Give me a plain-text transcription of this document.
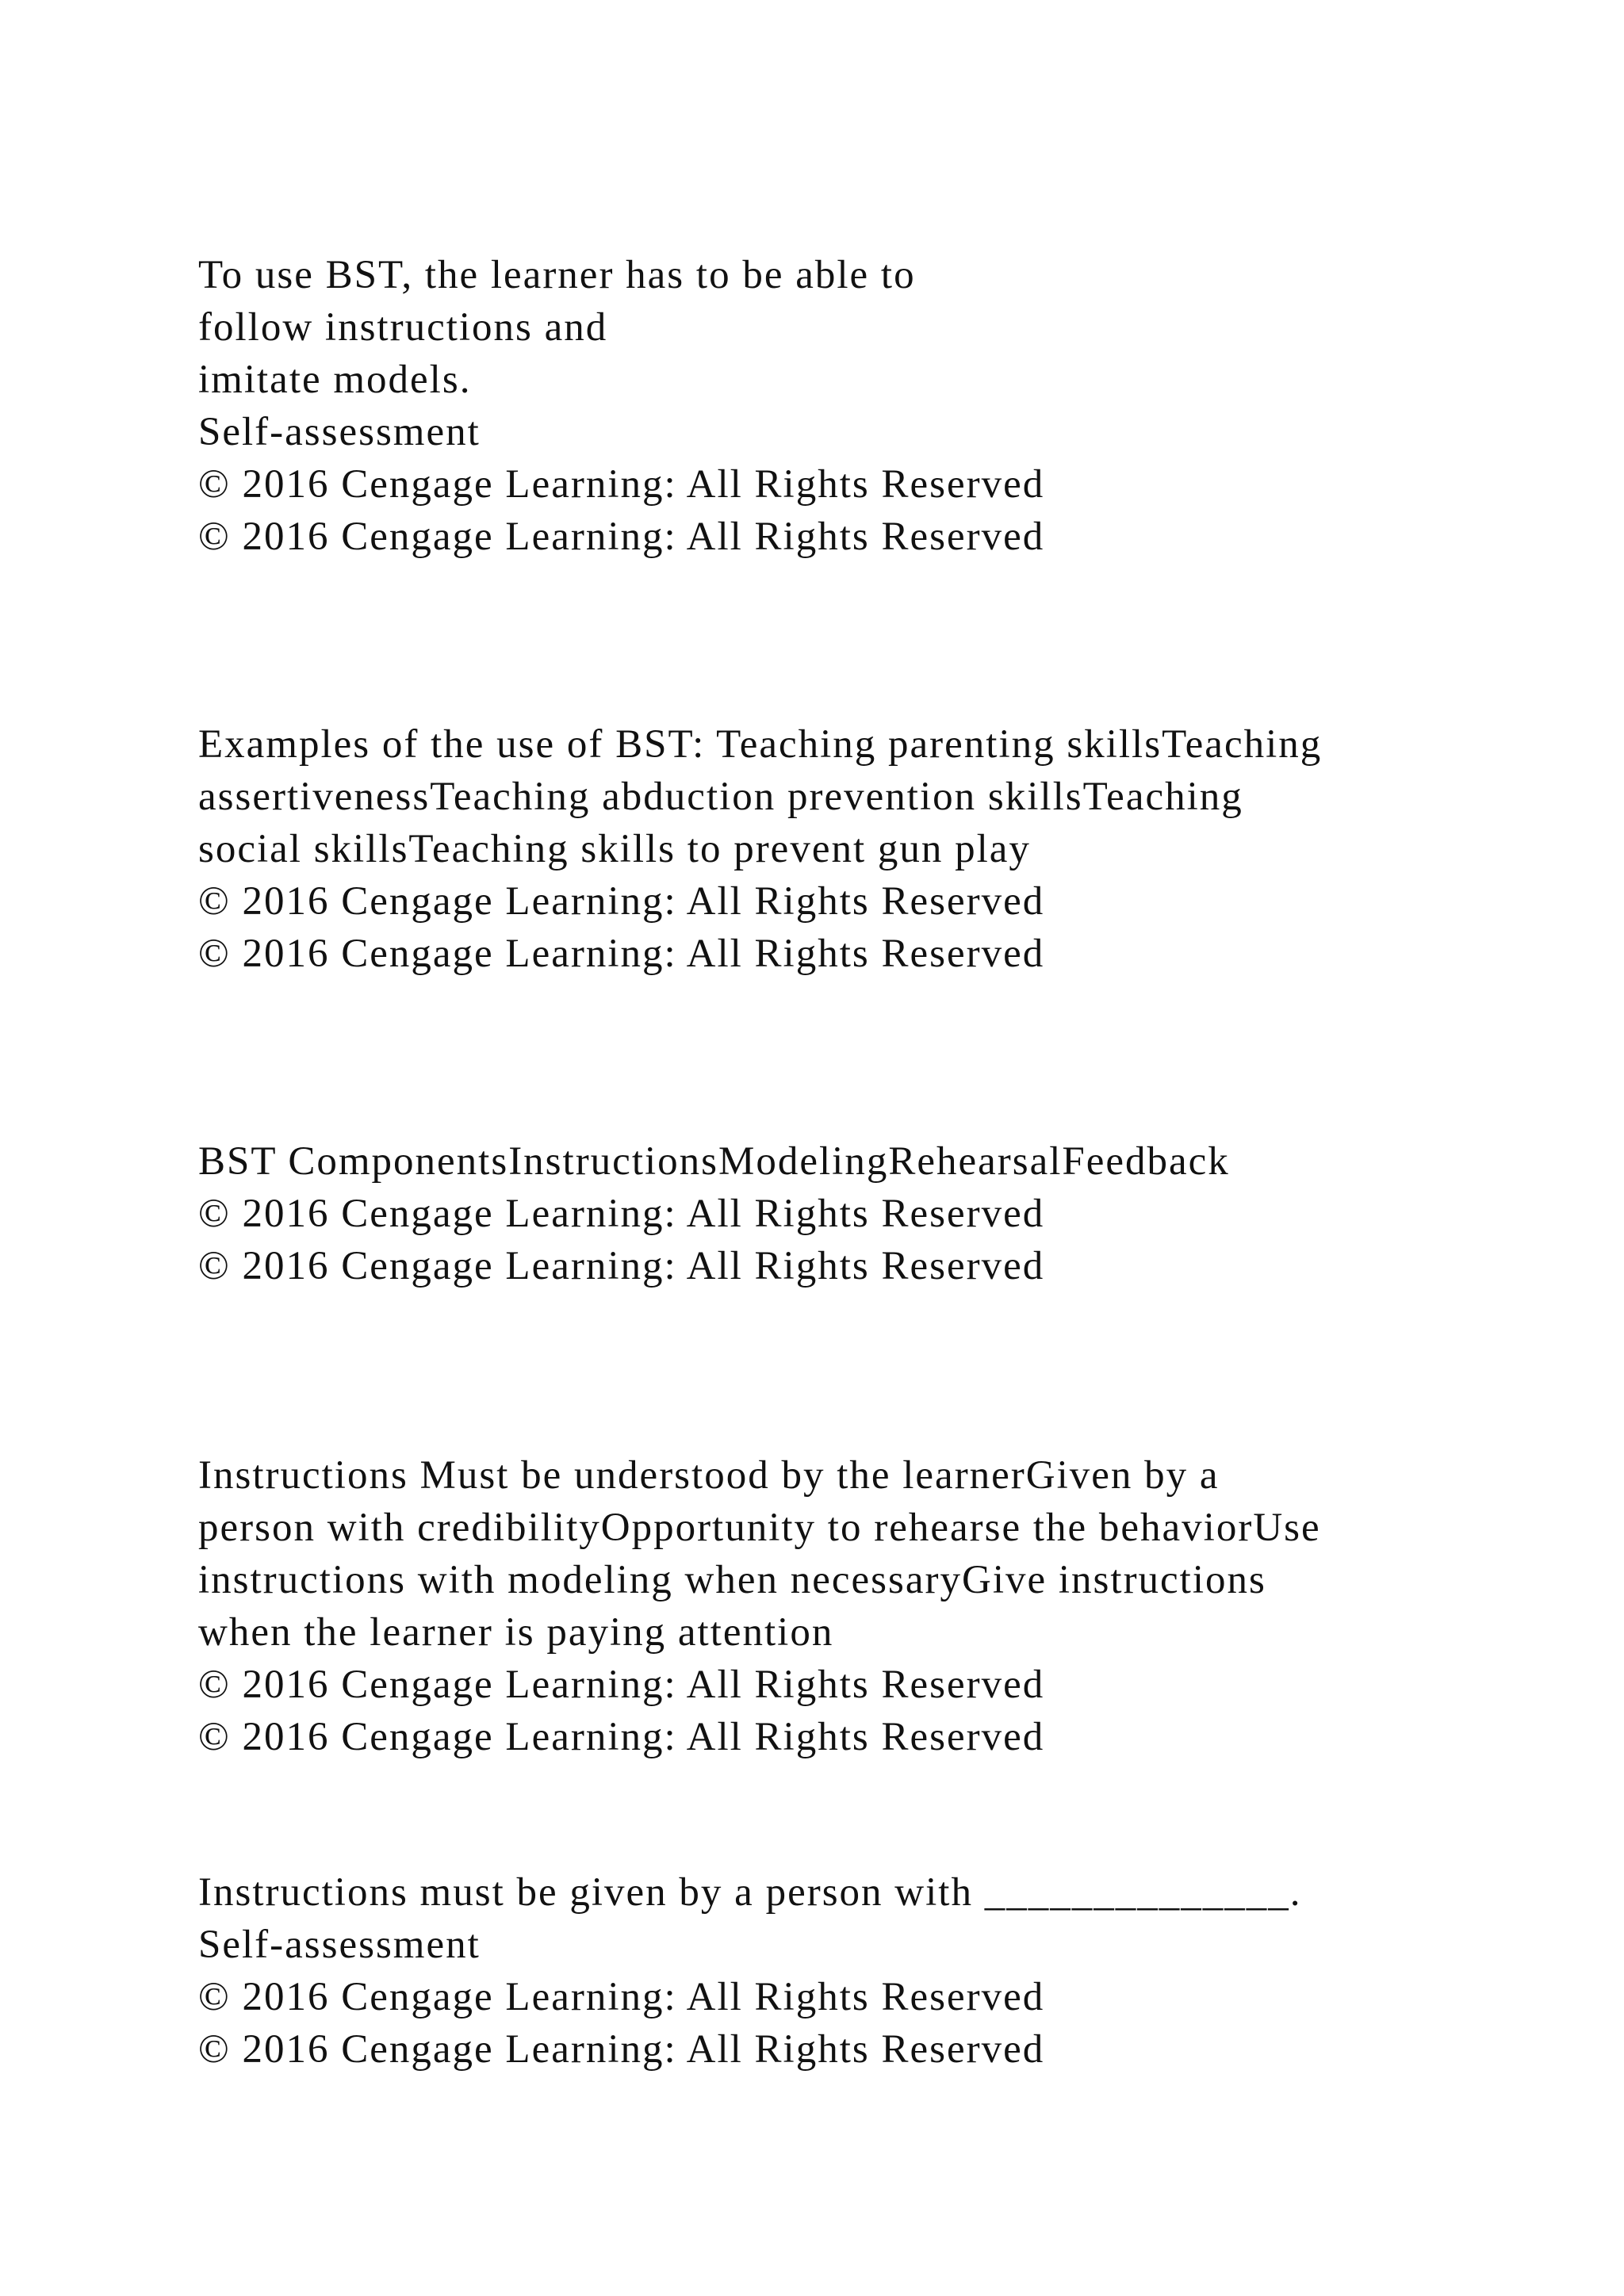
To use BST, the learner has to be able to
follow instructions and
imitate models.
Self-assessment
© 2016 Cengage Learning: All Rights Reserved
© 2016 Cengage Learning: All Rights Reserved
Examples of the use of BST: Teaching parenting skillsTeaching
assertivenessTeaching abduction prevention skillsTeaching
social skillsTeaching skills to prevent gun play
© 2016 Cengage Learning: All Rights Reserved
© 2016 Cengage Learning: All Rights Reserved
BST ComponentsInstructionsModelingRehearsalFeedback
© 2016 Cengage Learning: All Rights Reserved
© 2016 Cengage Learning: All Rights Reserved
Instructions Must be understood by the learnerGiven by a
person with credibilityOpportunity to rehearse the behaviorUse
instructions with modeling when necessaryGive instructions
when the learner is paying attention
© 2016 Cengage Learning: All Rights Reserved
© 2016 Cengage Learning: All Rights Reserved
Instructions must be given by a person with ______________.
Self-assessment
© 2016 Cengage Learning: All Rights Reserved
© 2016 Cengage Learning: All Rights Reserved
